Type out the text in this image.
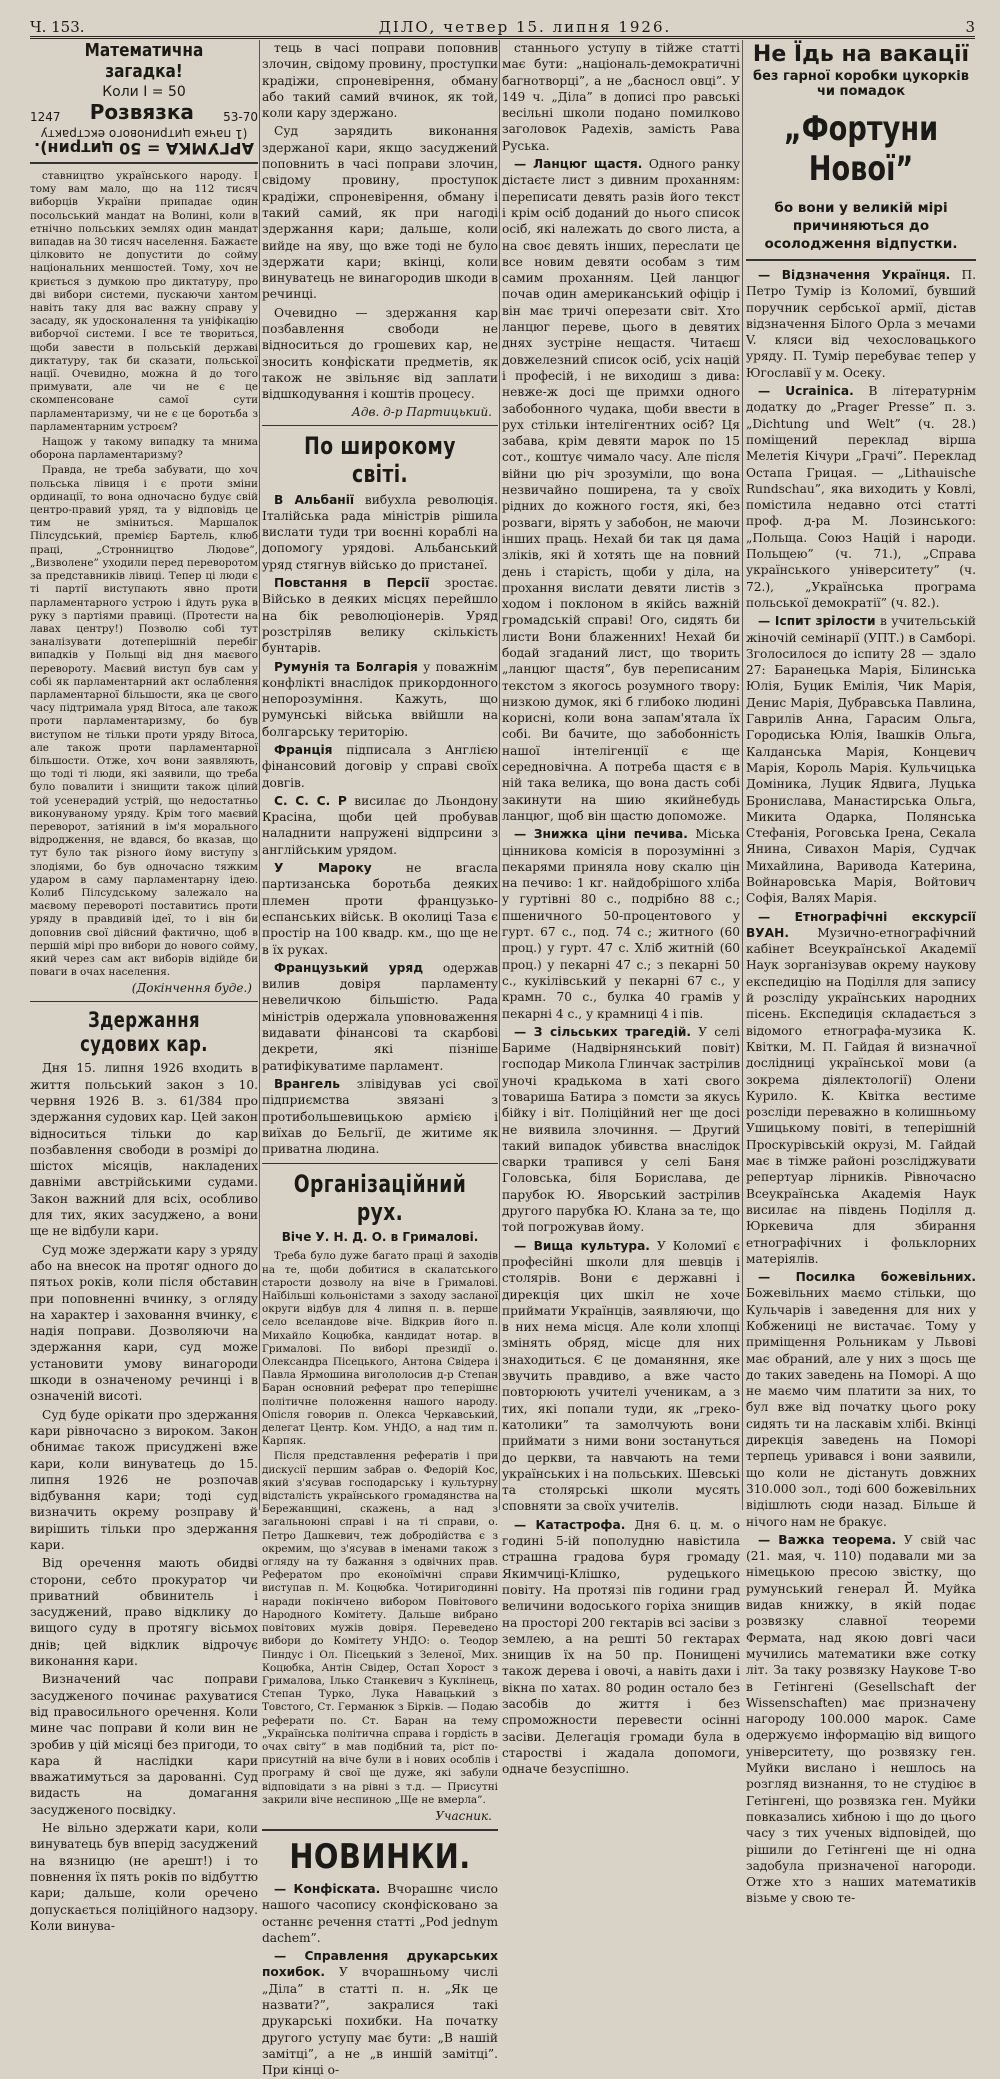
Ч. 153.	ДІЛО, четвер 15. липня 1926.	3
Математична загадка!
Коли І = 50
1247 Розвязка 53-70
АРГУМКА = 50 цитрин).
(1 пачка цитринового екстракту

ставництво українського народу. І тому вам мало, що на 112 тисяч виборців України припадає один посольський мандат на Волині, коли в етнічно польських землях один мандат випадав на 30 тисяч населення. Бажаєте цілковито не допустити до сойму національних меншостей. Тому, хоч не криється з думкою про диктатуру, про дві вибори системи, пускаючи хантом навіть таку для вас важну справу у засаду, як удосконалення та уніфікацію виборчої системи. І все те твориться, щоби завести в польській державі диктатуру, так би сказати, польської нації. Очевидно, можна й до того примувати, але чи не є це скомпенсоване самої сути парламентаризму, чи не є це боротьба з парламентарним устроєм?

Нащож у такому випадку та мнима оборона парламентаризму?

Правда, не треба забувати, що хоч польська лівиця і є проти зміни ординації, то вона одночасно будує свій центро-правий уряд, та у відповідь це тим не зміниться. Маршалок Пілсудський, премієр Бартель, клюб праці, „Стронництво Людове”, „Визволене” уходили перед переворотом за представників лівиці. Тепер ці люди є ті партії виступають явно проти парламентарного устрою і йдуть рука в руку з партіями правиці. (Протести на лавах центру!) Позволю собі тут заналізувати дотеперішній перебіг випадків у Польщі від дня маєвого перевороту. Маєвий виступ був сам у собі як парламентарний акт ослаблення парламентарної більшости, яка це свого часу підтримала уряд Вітоса, але також проти парламентаризму, бо був виступом не тільки проти уряду Вітоса, але також проти парламентарної більшости. Отже, хоч вони заявляють, що тоді ті люди, які заявили, що треба було повалити і знищити також цілий той усенерадий устрій, що недостатньо виконуваному уряду. Крім того маєвий переворот, затіяний в ім'я морального відродження, не вдався, бо вказав, що тут було так різного йому виступу з злодіями, бо був одночасно тяжким ударом в саму парламентарну ідею. Колиб Пілсудському залежало на маєвому перевороті поставитись проти уряду в правдивій ідеї, то і він би доповнив свої дійсний фактично, щоб в першій мірі про вибори до нового сойму, який через сам акт виборів відійде би поваги в очах населення.

(Докінчення буде.)
Здержання судових кар.

Дня 15. липня 1926 входить в життя польський закон з 10. червня 1926 В. з. 61/384 про здержання судових кар. Цей закон відноситься тільки до кар позбавлення свободи в розмірі до шістох місяців, накладених давніми австрійськими судами. Закон важний для всіх, особливо для тих, яких засуджено, а вони ще не відбули кари.

Суд може здержати кару з уряду або на внесок на протяг одного до пятьох років, коли після обставин при поповненні вчинку, з огляду на характер і заховання вчинку, є надія поправи. Дозволяючи на здержання кари, суд може установити умову винагороди шкоди в означеному речинці і в означеній висоті.

Суд буде орікати про здержання кари рівночасно з вироком. Закон обнимає також присуджені вже кари, коли винуватець до 15. липня 1926 не розпочав відбування кари; тоді суд визначить окрему розправу й вирішить тільки про здержання кари.

Від оречення мають обидві сторони, себто прокуратор чи приватний обвинитель і засуджений, право відклику до вищого суду в протягу вісьмох днів; цей відклик відрочує виконання кари.

Визначений час поправи засудженого починає рахуватися від правосильного оречення. Коли мине час поправи й коли вин не зробив у цій місяці без пригоди, то кара й наслідки кари вважатимуться за дарованні. Суд видасть на домагання засудженого посвідку.

Не вільно здержати кари, коли винуватець був вперід засуджений на вязницю (не арешт!) і то повнення їх пять років по відбуттю кари; дальше, коли оречено допускається поліційного надзору. Коли винува-

тець в часі поправи поповнив злочин, свідому провину, проступки крадіжи, спроневірення, обману або такий самий вчинок, як той, коли кару здержано.

Суд зарядить виконання здержаної кари, якщо засуджений поповнить в часі поправи злочин, свідому провину, проступок крадіжи, спроневірення, обману і такий самий, як при нагоді здержання кари; дальше, коли вийде на яву, що вже тоді не було здержати кари; вкінці, коли винуватець не винагородив шкоди в речинці.

Очевидно — здержання кар позбавлення свободи не відноситься до грошевих кар, не зносить конфіскати предметів, як також не звільняє від заплати відшкодування і коштів процесу.

Адв. д-р Партицький.
По широкому світі.

В Альбанії вибухла революція. Італійська рада міністрів рішила вислати туди три воєнні кораблі на допомогу урядові. Альбанський уряд стягнув військо до пристанеї.

Повстання в Персії зростає. Військо в деяких місцях перейшло на бік революціонерів. Уряд розстріляв велику скількість бунтарів.

Румунія та Болгарія у поважнім конфлікті внаслідок прикордонного непорозуміння. Кажуть, що румунські війська ввійшли на болгарську територію.

Франція підписала з Англією фінансовий договір у справі своїх довгів.

С. С. С. Р висилає до Льондону Красіна, щоби цей пробував наладнити напружені відпрсини з англійським урядом.

У Мароку	не вгасла партизанська боротьба деяких племен проти французько-еспанських військ. В околиці Таза є простір на 100 квадр. км., що ще не в їх руках.

Французький уряд одержав вилив довіря парламенту невеличкою більшістю. Рада міністрів одержала уповноваження видавати фінансові та скарбові декрети, які пізніше ратифікуватиме парламент.

Врангель злівідував усі свої підприємства звязані з протибольшевицькою армією і виїхав до Бельгії, де житиме як приватна людина.

Організаційний рух.
Віче У. Н. Д. О. в Грималові.

Треба було дуже багато праці й заходів на те, щоби добитися в скалатського старости дозволу на віче в Грималові. Наїбільші кольоністами з заходу засланої округи відбув для 4 липня п. в. перше село вселандове віче. Відкрив його п. Михайло Коцюбка, кандидат нотар. в Грималові. По виборі президії о. Олександра Пісецького, Антона Свідера і Павла Ярмошина вигололосив д-р Степан Баран основний реферат про теперішнє політичне положення нашого народу. Опісля говорив п. Олекса Черкавський, делегат Центр. Ком. УНДО, а над тим п. Карпяк.

Після представлення рефератів і при дискусії першим забрав о. Федорій Кос, який з'ясував господарську і культурну відсталість українського громадянства на Бережанщині, скажень, а над з загальноюні справі і на ті справи, о. Петро Дашкевич, теж добродійства є з окремим, що з'ясував в іменами також з огляду на ту бажання з одвічних прав. Рефератом про еконоїмічні справи виступав п. М. Коцюбка. Чотиригодинні наради покінчено вибором Повітового Народного Комітету. Дальше вибрано повітових мужів довіря. Переведено вибори до Комітету УНДО: о. Теодор Пиндус і Ол. Пісецький з Зеленої, Мих. Коцюбка, Антін Свідер, Остап Хорост з Грималова, Ілько Станкевич з Куклінець, Степан Турко, Лука Навацький з Товстого, Ст. Германюк з Бірків. — Подаю реферати по. Ст. Баран на тему „Українська політична справа і гордість в очах світу” в мав подібний та, ріст по-присутній на віче були в і нових особлів і програму й свої ще дуже, які забули відповідати з на рівні з т.д. — Присутні закрили віче неспиною „Ще не вмерла”.

Учасник.
НОВИНКИ.

— Конфіската. Вчорашнє число нашого часопису сконфісковано за останнє речення статті „Pod jednym dachem”.

— Справлення друкарських похибок. У вчорашньому числі „Діла” в статті п. н. „Як це назвати?”, закралися такі друкарські похибки. На початку другого уступу має бути: „В нашій замітці”, а не „в иншій замітці”. При кінці о-

станнього уступу в тійже статті має бути: „національ-демократичні багнотворці”, а не „басносл овці”. У 149 ч. „Діла” в дописі про равські весільні школи подано помилково заголовок Радехів, замість Рава Руська.

— Ланцюг щастя. Одного ранку дістаєте лист з дивним проханням: переписати девять разів його текст і крім осіб доданий до нього список осіб, які належать до свого листа, а на своє девять інших, переслати це все новим девяти особам з тим самим проханням. Цей ланцюг почав один американський офіцір і він має тричі оперезати світ. Хто ланцюг переве, цього в девятих днях зустріне нещастя. Читаєш довжелезний список осіб, усіх націй і професій, і не виходиш з дива: невже-ж досі ще примхи одного забобонного чудака, щоби ввести в рух стільки інтелігентних осіб? Ця забава, крім девяти марок по 15 сот., коштує чимало часу. Але після війни цю річ зрозуміли, що вона незвичайно поширена, та у своїх рідних до кожного гостя, які, без розваги, вірять у забобон, не маючи інших праць. Нехай би так ця дама зліків, які й хотять ще на повний день і старість, щоби у діла, на прохання вислати девяти листів з ходом і поклоном в якійсь важній громадській справі! Ого, сидять би листи Вони блаженних! Нехай би бодай згаданий лист, що творить „ланцюг щастя”, був переписаним текстом з якогось розумного твору: низкою думок, які б глибоко людині корисні, коли вона запам'ятала їх собі. Ви бачите, що забобонність нашої інтелігенції є ще середновічна. А потреба щастя є в ній така велика, що вона дасть собі закинути на шию якийнебудь ланцюг, щоб він щастю допоможе.

— Знижка ціни печива. Міська цінникова комісія в порозумінні з пекарями приняла нову скалю цін на печиво: 1 кг. найдобрішого хліба у гуртівні 80 с., подрібно 88 с.; пшеничного 50-процентового у гурт. 67 с., под. 74 с.; житного (60 проц.) у гурт. 47 с. Хліб житній (60 проц.) у пекарні 47 с.; з пекарні 50 с., кукілівський у пекарні 67 с., у крамн. 70 с., булка 40 грамів у пекарні 4 с., у крамниці 4 і пів.

— З сільських трагедій. У селі Бариме (Надвірнянський повіт) господар Микола Глинчак застрілив уночі крадькома в хаті свого товариша Батира з помсти за якусь бійку і віт. Поліційний нег ще досі не виявила злочиння. — Другий такий випадок убивства внаслідок сварки трапився у селі Баня Головська, біля Борислава, де парубок Ю. Яворський застрілив другого парубка Ю. Клана за те, що той погрожував йому.

— Вища культура. У Коломиї є професійні школи для шевців і столярів. Вони є державні і дирекція цих шкіл не хоче приймати Українців, заявляючи, що в них нема місця. Але коли хлопці змінять обряд, місце для них знаходиться. Є це доманяння, яке звучить правдиво, а вже часто повторюють учителі ученикам, а з тих, які попали туди, як „греко-католики” та замолчують вони приймати з ними вони зостануться до церкви, та навчають на теми українських і на польських. Шевські та столярські школи мусять сповняти за своїх учителів.

— Катастрофа. Дня 6. ц. м. о годині 5-ій пополудню навістила страшна градова буря громаду Якимчиці-Клішко, рудецького повіту. На протязі пів години град величини водоського горіха знищив на просторі 200 гектарів всі засіви з землею, а на решті 50 гектарах знищив їх на 50 пр. Понищені також дерева і овочі, а навіть дахи і вікна по хатах. 80 родин остало без засобів до життя і без спроможности перевести осінні засіви. Делегація громади була в старостві і жадала допомоги, одначе безуспішно.

Не Їдь на вакації
без гарної коробки цукорків
чи помадок
„Фортуни Нової”
бо вони у великій мірі причиняються до осолодження відпустки.

— Відзначення Українця. П. Петро Тумір із Коломиї, бувший поручник сербської армії, дістав відзначення Білого Орла з мечами V. кляси від чехословацького уряду. П. Тумір перебуває тепер у Югославії у м. Осеку.

— Ucrainica. В літературнім додатку до „Prager Presse” п. з. „Dichtung und Welt” (ч. 28.) поміщений переклад вірша Мелетія Кічури „Грачі”. Переклад Остапа Грицая. — „Lithauische Rundschau”, яка виходить у Ковлі, помістила недавно отсі статті проф. д-ра М. Лозинського: „Польща. Союз Націй і народи. Польщею” (ч. 71.), „Справа українського університету” (ч. 72.), „Українська програма польської демократії” (ч. 82.).

— Іспит зрілости в учительській жіночій семінарії (УПТ.) в Самборі. Зголосилося до іспиту 28 — здало 27: Баранецька Марія, Білинська Юлія, Буцик Емілія, Чик Марія, Денис Марія, Дубравська Павлина, Гаврилів Анна, Гарасим Ольга, Городиська Юлія, Івашків Ольга, Калданська Марія, Концевич Марія, Король Марія. Кульчицька Доміника, Луцик Ядвига, Луцька Бронислава, Манастирська Ольга, Микита Одарка, Полянська Стефанія, Роговська Ірена, Секала Янина, Сивахон Марія, Судчак Михайлина, Варивода Катерина, Войнаровська Марія, Войтович Софія, Валях Марія.

— Етнографічні екскурсії ВУАН. Музично-етнографічний кабінет Всеукраїнської Академії Наук зорганізував окрему наукову експедицію на Поділля для запису й розсліду українських народних пісень. Експедиція складається з відомого етнографа-музика К. Квітки, М. П. Гайдая й визначної дослідниці української мови (а зокрема діялектології) Олени Курило. К. Квітка вестиме розсліди переважно в колишньому Ушицькому повіті, в теперішній Проскурівській окрузі, М. Гайдай має в тімже районі розсліджувати репертуар лірників. Рівночасно Всеукраїнська Академія Наук висилає на південь Поділля д. Юркевича для збирання етнографічних і фольклорних матеріялів.

— Посилка божевільних. Божевільних маємо стільки, що Кульчарів і заведення для них у Кобжениці не вистачає. Тому у приміщення Рольникам у Львові має обраний, але у них з щось ще до таких заведень на Поморі. А що не маємо чим платити за них, то бул вже від початку цього року сидять ти на ласкавім хлібі. Вкінці дирекція заведень на Поморі терпець уривався і вони заявили, що коли не дістануть довжних 310.000 зол., тоді 600 божевільних відішлють сюди назад. Більше й нічого нам не бракує.

— Важка теорема. У свій час (21. мая, ч. 110) подавали ми за німецькою пресою звістку, що румунський генерал Й. Муйка видав книжку, в якій подає розвязку славної теореми Фермата, над якою довгі часи мучились математики вже сотку літ. За таку розвязку Наукове Т-во в Гетінгені (Gesellschaft der Wissenschaften) має призначену нагороду 100.000 марок. Саме одержуємо інформацію від вищого університету, що розвязку ген. Муйки вислано і нешлось на розгляд визнання, то не студіює в Гетінгені, що розвязка ген. Муйки повказались хибною і що до цього часу з тих ученых відповідей, що рішили до Гетінгенi ще ні одна задобула призначеної нагороди. Отже хто з наших математиків візьмe у свою те-
